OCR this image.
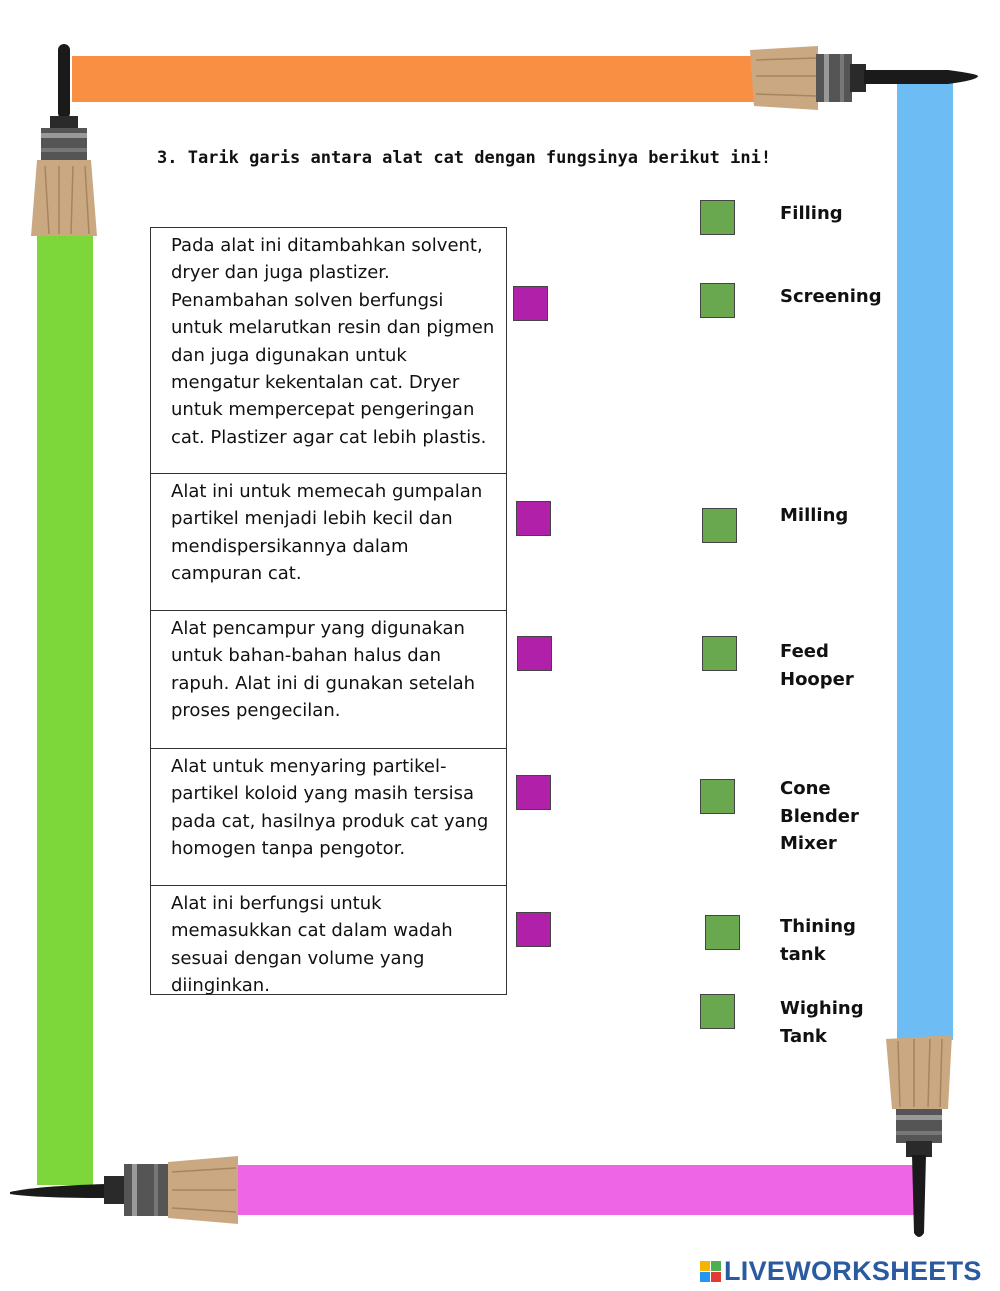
3. Tarik garis antara alat cat dengan fungsinya berikut ini!
Pada alat ini ditambahkan solvent, dryer dan juga plastizer. Penambahan solven berfungsi untuk melarutkan resin dan pigmen dan juga digunakan untuk mengatur kekentalan cat. Dryer untuk mempercepat pengeringan cat. Plastizer agar cat lebih plastis.
Alat ini untuk memecah gumpalan partikel menjadi lebih kecil dan mendispersikannya dalam campuran cat.
Alat pencampur yang digunakan untuk bahan-bahan halus dan rapuh. Alat ini di gunakan setelah proses pengecilan.
Alat untuk menyaring partikel-partikel koloid yang masih tersisa pada cat, hasilnya produk cat yang homogen tanpa pengotor.
Alat ini berfungsi untuk memasukkan cat dalam wadah sesuai dengan volume yang diinginkan.
Filling
Screening
Milling
Feed
Hooper
Cone
Blender
Mixer
Thining
tank
Wighing
Tank
LIVEWORKSHEETS
